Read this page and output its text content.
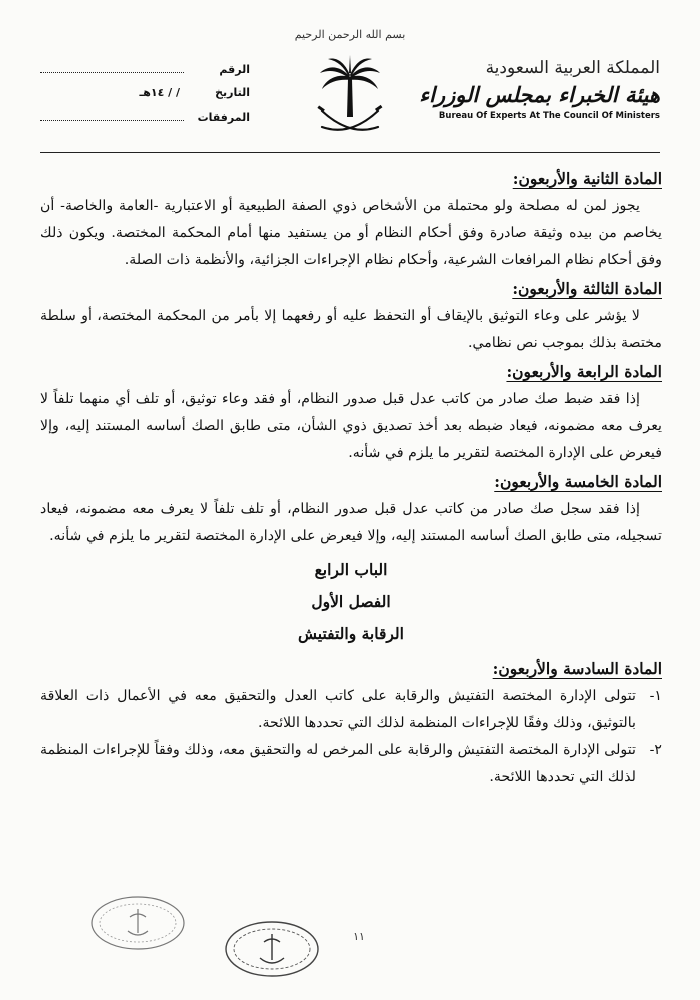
بسم الله الرحمن الرحيم
الرقم
التاريخ
/ / ١٤هـ
المرفقات
المملكة العربية السعودية
هيئة الخبراء بمجلس الوزراء
Bureau Of Experts At The Council Of Ministers
المادة الثانية والأربعون:

يجوز لمن له مصلحة ولو محتملة من الأشخاص ذوي الصفة الطبيعية أو الاعتبارية -العامة والخاصة- أن يخاصم من بيده وثيقة صادرة وفق أحكام النظام أو من يستفيد منها أمام المحكمة المختصة. ويكون ذلك وفق أحكام نظام المرافعات الشرعية، وأحكام نظام الإجراءات الجزائية، والأنظمة ذات الصلة.

المادة الثالثة والأربعون:

لا يؤشر على وعاء التوثيق بالإيقاف أو التحفظ عليه أو رفعهما إلا بأمر من المحكمة المختصة، أو سلطة مختصة بذلك بموجب نص نظامي.

المادة الرابعة والأربعون:

إذا فقد ضبط صك صادر من كاتب عدل قبل صدور النظام، أو فقد وعاء توثيق، أو تلف أي منهما تلفاً لا يعرف معه مضمونه، فيعاد ضبطه بعد أخذ تصديق ذوي الشأن، متى طابق الصك أساسه المستند إليه، وإلا فيعرض على الإدارة المختصة لتقرير ما يلزم في شأنه.

المادة الخامسة والأربعون:

إذا فقد سجل صك صادر من كاتب عدل قبل صدور النظام، أو تلف تلفاً لا يعرف معه مضمونه، فيعاد تسجيله، متى طابق الصك أساسه المستند إليه، وإلا فيعرض على الإدارة المختصة لتقرير ما يلزم في شأنه.

الباب الرابع
الفصل الأول
الرقابة والتفتيش
المادة السادسة والأربعون:
١-
تتولى الإدارة المختصة التفتيش والرقابة على كاتب العدل والتحقيق معه في الأعمال ذات العلاقة بالتوثيق، وذلك وفقًا للإجراءات المنظمة لذلك التي تحددها اللائحة.
٢-
تتولى الإدارة المختصة التفتيش والرقابة على المرخص له والتحقيق معه، وذلك وفقاً للإجراءات المنظمة لذلك التي تحددها اللائحة.
١١
